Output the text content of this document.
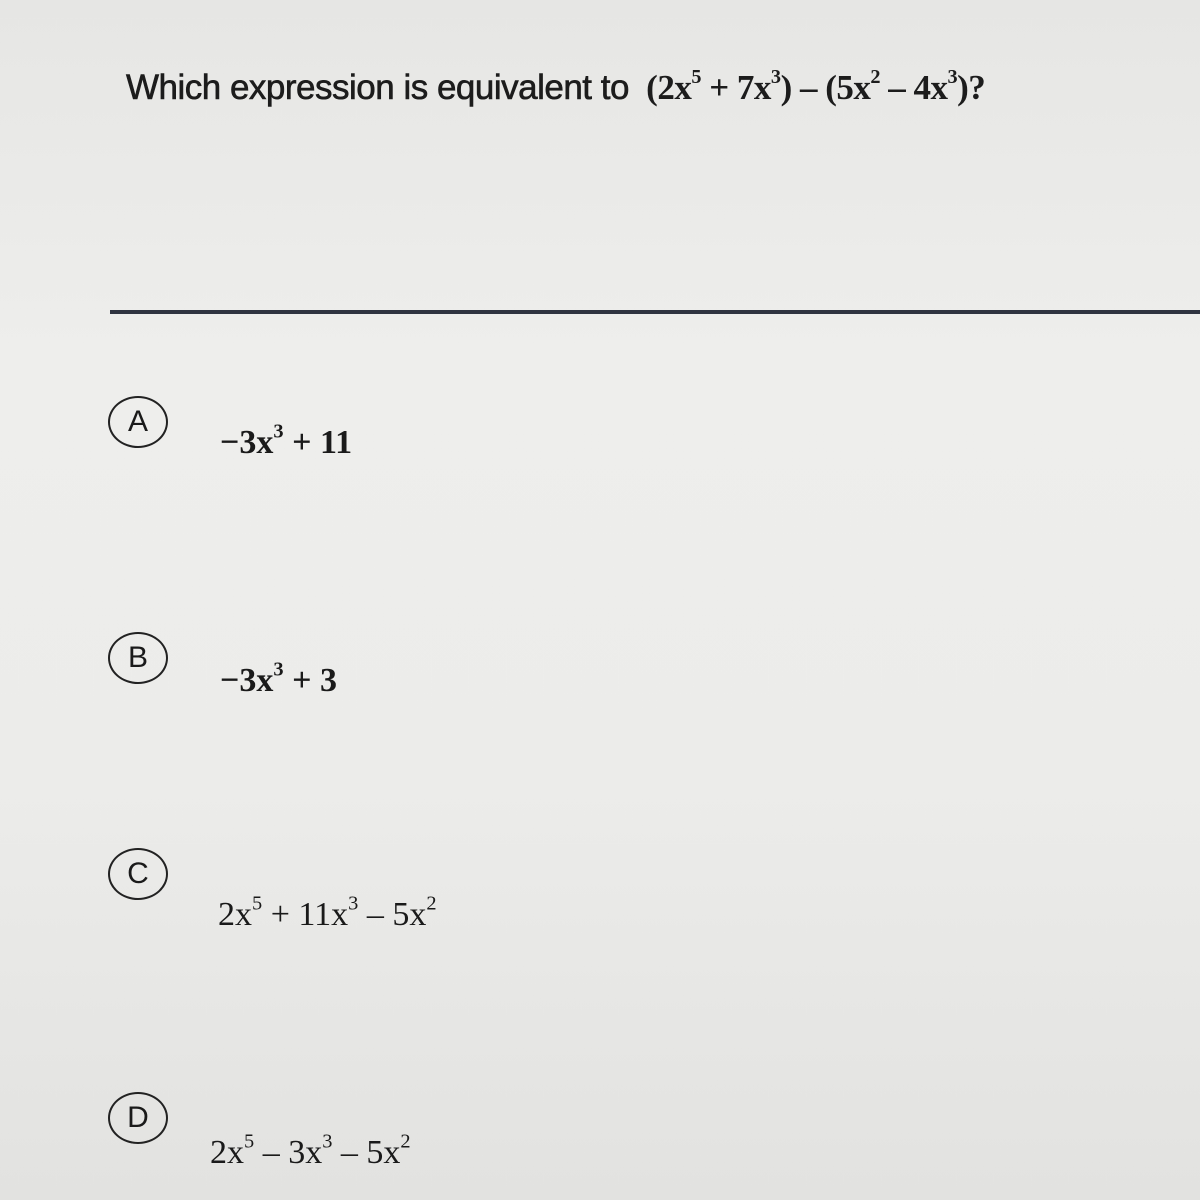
Which expression is equivalent to $(2x^5 + 7x^3) - (5x^2 - 4x^3)$?
A
$-3x^3 + 11$
B
$-3x^3 + 3$
C
$2x^5 + 11x^3 - 5x^2$
D
$2x^5 - 3x^3 - 5x^2$
